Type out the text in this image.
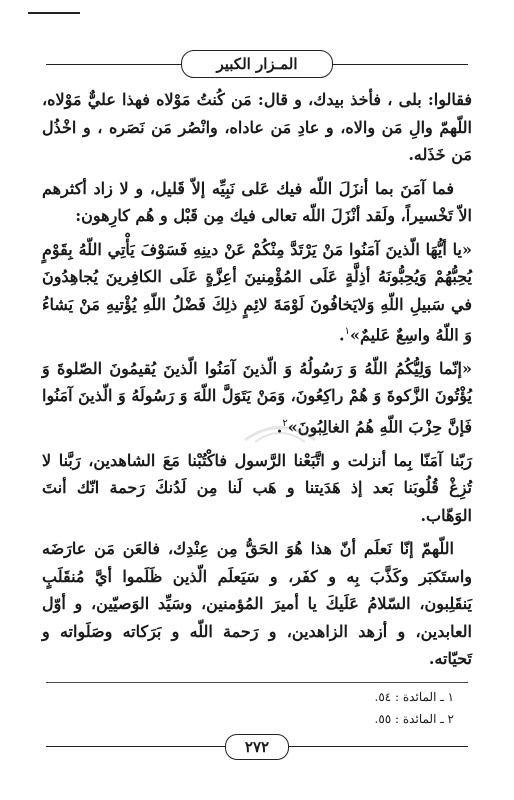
المـزار الكبير

فقالوا: بلى ، فأخذ بيدك، و قال: مَن كُنتُ مَوْلاه فهذا عليٌّ مَوْلاه، اللّهمّ والِ مَن والاه، و عادِ مَن عاداه، وانْصُر مَن نَصَره ، و اخْذُل مَن خَذَله.

فما آمَنَ بما أنزَلَ اللّه فيك عَلى نَبِيِّه إلاّ قَليل، و لا زاد أكثرهم الاّ تَخْسيراً، ولَقد أنْزَلَ اللّه تعالى فيك مِن قَبْل و هُم كارِهون:

«يا أيُّهَا الّذينَ آمَنُوا مَنْ يَرْتَدَّ مِنْكُمْ عَنْ دينِهِ فَسَوْفَ يَأْتِي اللّهُ بِقَوْمٍ يُحِبُّهُمْ وَيُحِبُّونَهُ أذِلَّةٍ عَلَى المُؤْمِنينَ أعِزَّةٍ عَلَى الكافِرينَ يُجاهِدُونَ في سَبيلِ اللّهِ وَلايَخافُونَ لَوْمَةَ لائِمٍ ذلِكَ فَضْلُ اللّهِ يُؤْتيهِ مَنْ يَشاءُ وَ اللّهُ واسِعٌ عَليمٌ»$^١$.

«إنّما وَلِيُّكُمُ اللّهُ وَ رَسُولُهُ وَ الّذينَ آمَنُوا الّذينَ يُقيمُونَ الصّلوةَ وَ يُؤْتُونَ الزَّكوةَ وَ هُمْ راكِعُونَ، وَمَنْ يَتَوَلَّ اللّهَ وَ رَسُولَهُ وَ الّذينَ آمَنُوا فَإنَّ حِزْبَ اللّهِ هُمُ الغالِبُونَ»$^٢$.

رَبّنا آمَنّا بِما أنزلت و اتَّبَعْنا الرَّسول فاكْتُبْنا مَعَ الشاهدين، رَبَّنا لا تُزِغْ قُلُوبَنا بَعد إذ هَدَيتنا و هَب لَنا مِن لَدُنكَ رَحمة انّك أنتَ الوَهّاب.

اللّهمّ إنّا نَعلَم أنّ هذا هُوَ الحَقُّ مِن عِنْدِك، فالعَن مَن عارَضَه واستَكبَر وكَذَّبَ بِه و كفَر، و سَيَعلَم الّذين ظَلَموا أيَّ مُنقَلَبٍ يَنقَلِبون، السّلامُ عَلَيكَ يا أميرَ المُؤمنين، وسَيِّد الوَصيّين، و أوّل العابدين، و أزهد الزاهدين، و رَحمة اللّه و بَرَكاته وصَلَواته و تَحيّاته.

١ ـ المائدة : ٥٤.
٢ ـ المائدة : ٥٥.
٢٧٢
